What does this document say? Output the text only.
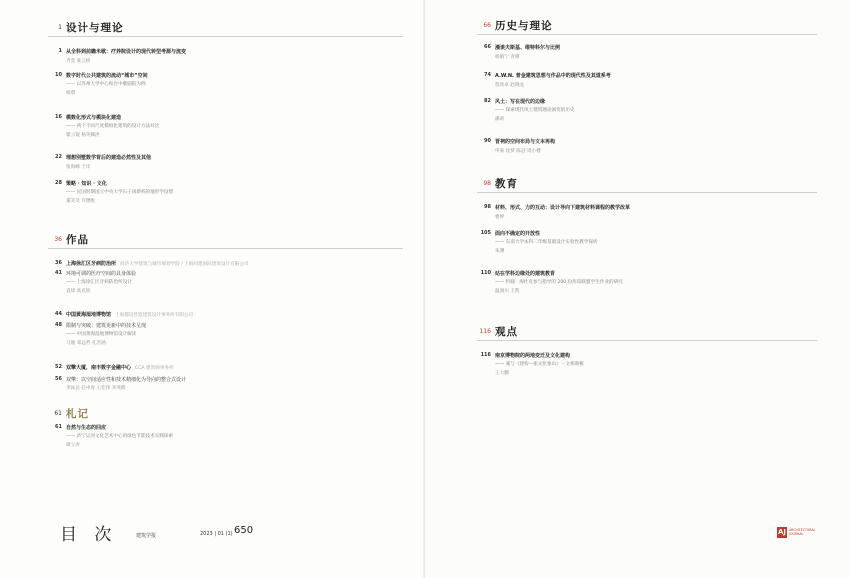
1 设计与理论
1 从全科到前瞻米歇：疗养院设计的现代转型考源与流变
齐奕 张云桥
10 数字时代公共建筑的流动“城市”空间
—— 以苏州大学中心和台中歌剧院为例
杨璟
16 模数化形式与模块化建造
—— 两个不同尺度模组化建筑的设计方法对比
瞿云锟 杨英佩洪
22 理想别墅数学背后的建造必然性及其他
张海峰 于洋
28 策略 · 知识 · 文化
—— 民国时期国立中央大学石子岗新校的地形学设想
董笑笑 许懋维
36 作品
36 上海徐汇区牙病防治所 同济大学建筑与城市规划学院 / 上海同建国际建筑设计有限公司
41 环境可调的医疗空间的具身体验
—— 上海徐汇区牙病防治所设计
袁烽 高克轶
44 中国黄海湿地博物馆 上海都设营造建筑设计事务所有限公司
48 限制与突破：建筑更新中的技术呈现
—— 中国黄海湿地博物馆设计解读
马逸 邓远哲 孔若涵
52 双擎大厦，南丰数字金融中心 CCA 建筑师事务所
56 双擎：以空间适应性和技术精细化为导向的整合式设计
李泳岳 任中涛 王佳伟 李英蔚
61 札记
61 自然与生态的回应
—— 济宁运河文化艺术中心的绿色节能技术实践探索
谭立涛
目 次	建筑学报	2023 | 01 (1) 650
66 历史与理论
66 漫谈夫斯基、维特科尔与比例
杨鹤宁 青穆
74 A.W.N. 普金建筑思想与作品中的现代性及其道系考
程欣卓 赵晓龙
82 风土：写在现代的边缘
—— 探索现代风土建筑理论演变的历史
潘莉
90 晋祠的空间布局与文本再构
申豪 沈梦 陈冠 周小楼
98 教育
98 材料、形式、力的互动：设计导向下建筑材料课程的教学改革
曹婷
105 面向不确定的开放性
—— 东南大学本科二年级基础设计实验性教学探析
朱渊
110 站在学科边缘处的建筑教育
—— 约翰 · 海杜克参与指导的 200 份库珀联盟学生作业的研究
温润川 王凯
116 观点
116 南京博物院的两地变迁及文化建构
—— 兼与《建构—座文化象山》一文相商榷
王大鹏
AJ ARCHITECTURAL
JOURNAL
